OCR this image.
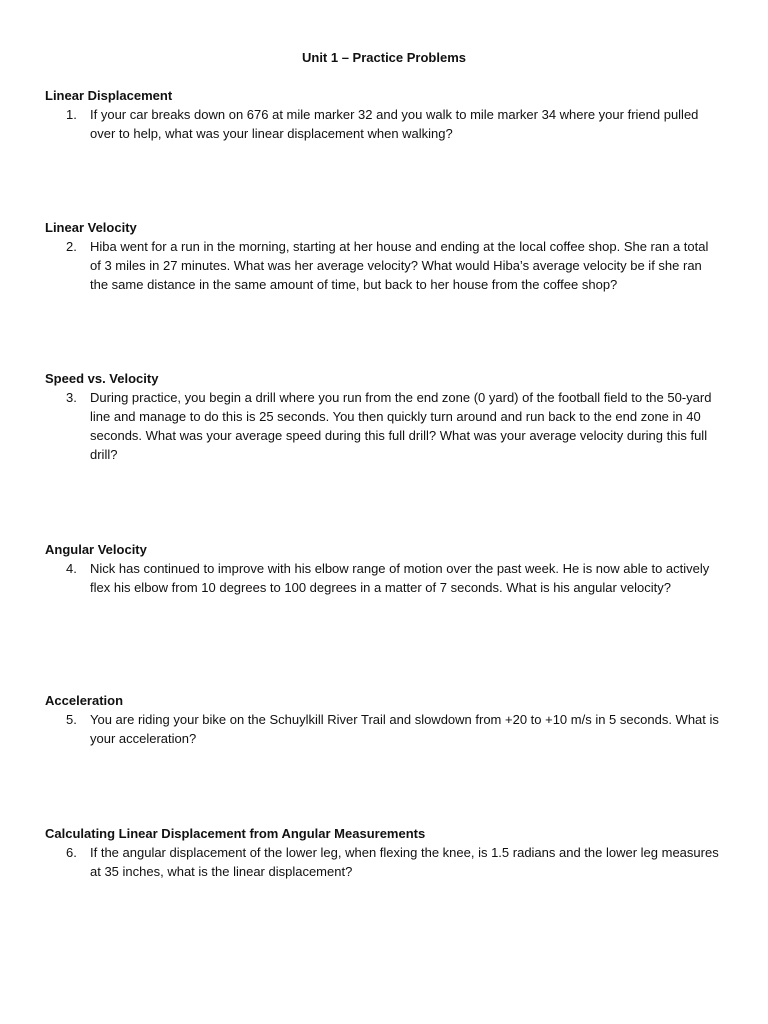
Unit 1 – Practice Problems

Linear Displacement

1.	If your car breaks down on 676 at mile marker 32 and you walk to mile marker 34 where your friend pulled over to help, what was your linear displacement when walking?

Linear Velocity

2.	Hiba went for a run in the morning, starting at her house and ending at the local coffee shop. She ran a total of 3 miles in 27 minutes. What was her average velocity? What would Hiba’s average velocity be if she ran the same distance in the same amount of time, but back to her house from the coffee shop?

Speed vs. Velocity

3.	During practice, you begin a drill where you run from the end zone (0 yard) of the football field to the 50-yard line and manage to do this is 25 seconds. You then quickly turn around and run back to the end zone in 40 seconds. What was your average speed during this full drill? What was your average velocity during this full drill?

Angular Velocity

4.	Nick has continued to improve with his elbow range of motion over the past week. He is now able to actively flex his elbow from 10 degrees to 100 degrees in a matter of 7 seconds. What is his angular velocity?

Acceleration

5.	You are riding your bike on the Schuylkill River Trail and slowdown from +20 to +10 m/s in 5 seconds. What is your acceleration?

Calculating Linear Displacement from Angular Measurements

6.	If the angular displacement of the lower leg, when flexing the knee, is 1.5 radians and the lower leg measures at 35 inches, what is the linear displacement?
